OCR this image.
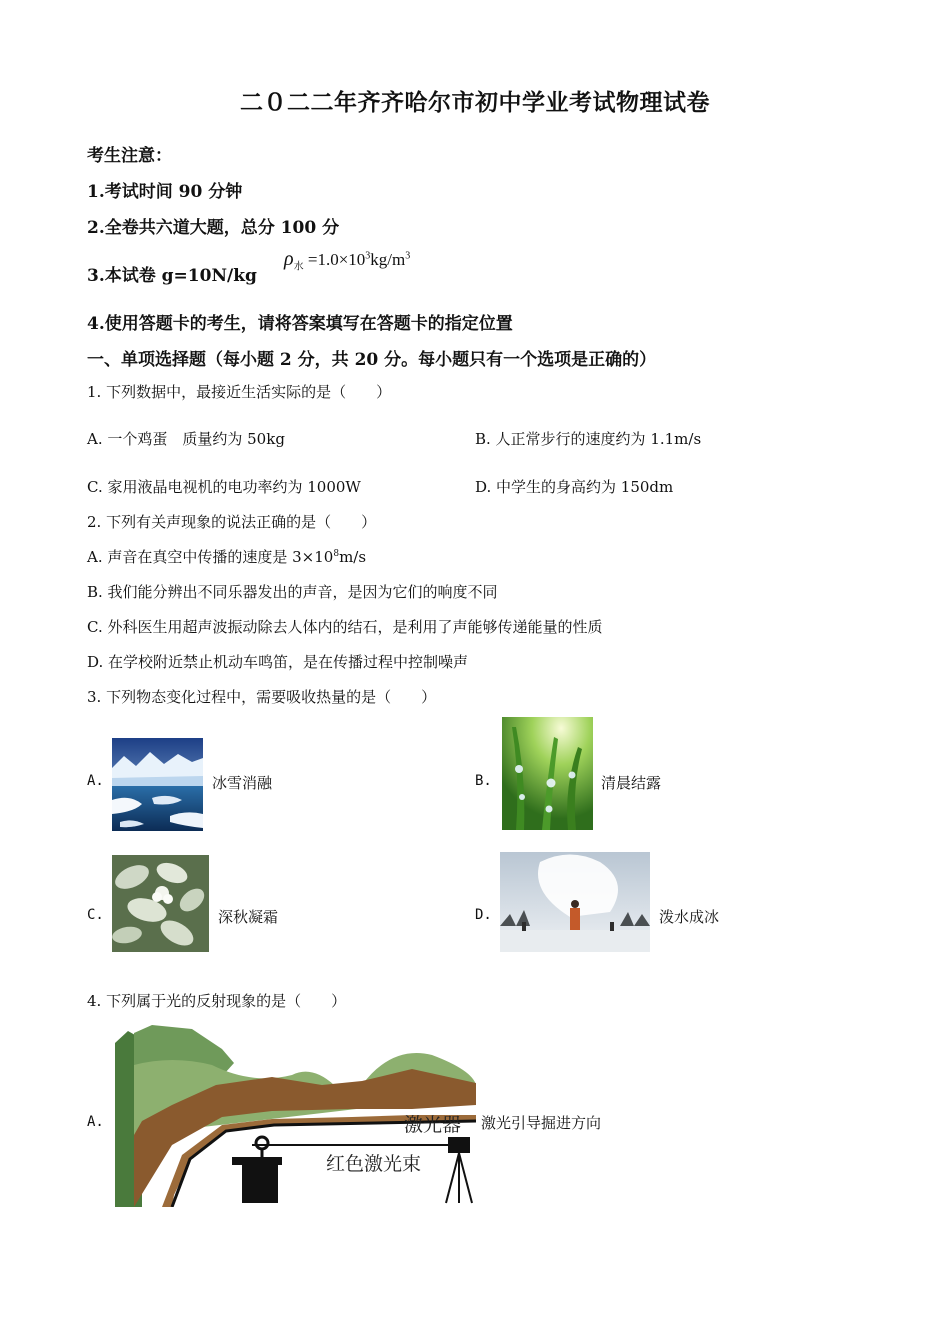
二０二二年齐齐哈尔市初中学业考试物理试卷
考生注意：
1.考试时间 90 分钟
2.全卷共六道大题，总分 100 分
3.本试卷 g=10N/kg
$\rho_水 =1.0\times 10^3kg/m^3$
4.使用答题卡的考生，请将答案填写在答题卡的指定位置
一、单项选择题（每小题 2 分，共 20 分。每小题只有一个选项是正确的）
1. 下列数据中，最接近生活实际的是（　　）
A. 一个鸡蛋　质量约为 50kg	B. 人正常步行的速度约为 1.1m/s
C. 家用液晶电视机的电功率约为 1000W	D. 中学生的身高约为 150dm
2. 下列有关声现象的说法正确的是（　　）
A. 声音在真空中传播的速度是 $3\times 10^8m/s$
B. 我们能分辨出不同乐器发出的声音，是因为它们的响度不同
C. 外科医生用超声波振动除去人体内的结石，是利用了声能够传递能量的性质
D. 在学校附近禁止机动车鸣笛，是在传播过程中控制噪声
3. 下列物态变化过程中，需要吸收热量的是（　　）
A.	冰雪消融	B.	清晨结露
C.	深秋凝霜	D.	泼水成冰
4. 下列属于光的反射现象的是（　　）
A.	激光器
红色激光束
激光引导掘进方向
